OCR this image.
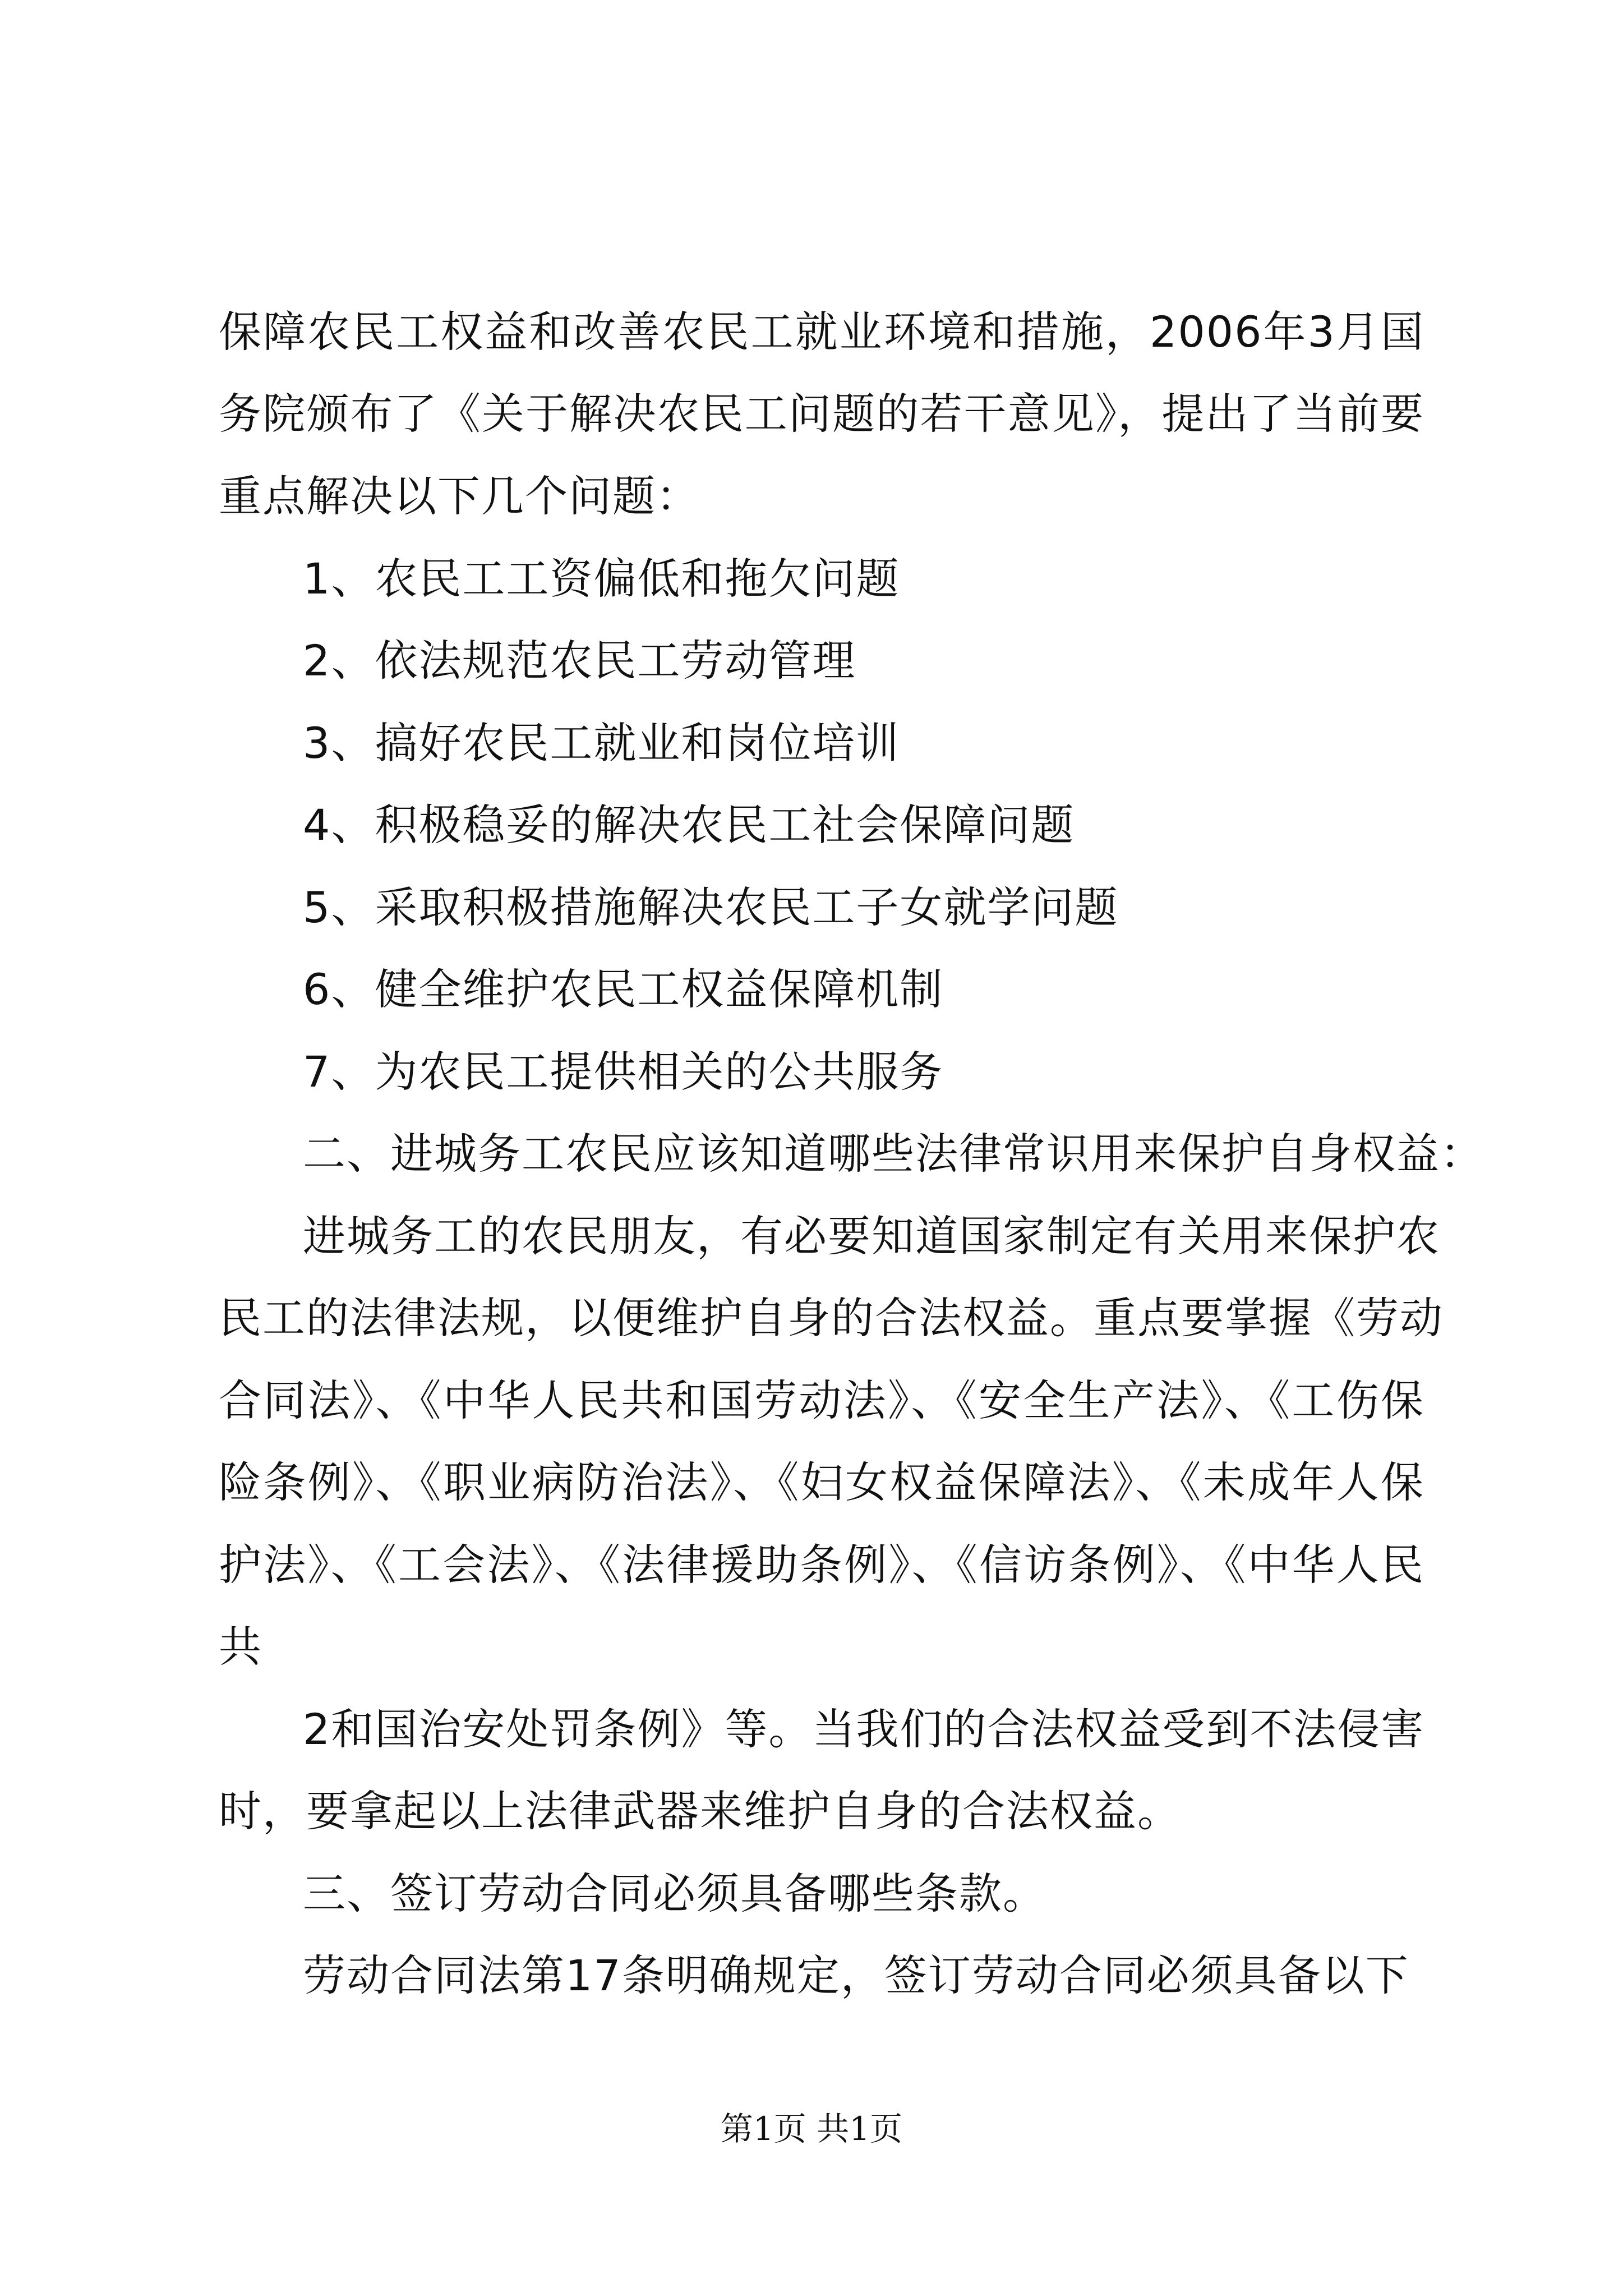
保障农民工权益和改善农民工就业环境和措施，2006年3月国
务院颁布了《关于解决农民工问题的若干意见》，提出了当前要
重点解决以下几个问题：
1、农民工工资偏低和拖欠问题
2、依法规范农民工劳动管理
3、搞好农民工就业和岗位培训
4、积极稳妥的解决农民工社会保障问题
5、采取积极措施解决农民工子女就学问题
6、健全维护农民工权益保障机制
7、为农民工提供相关的公共服务
二、进城务工农民应该知道哪些法律常识用来保护自身权益：
进城务工的农民朋友，有必要知道国家制定有关用来保护农
民工的法律法规，以便维护自身的合法权益。重点要掌握《劳动
合同法》、《中华人民共和国劳动法》、《安全生产法》、《工伤保
险条例》、《职业病防治法》、《妇女权益保障法》、《未成年人保
护法》、《工会法》、《法律援助条例》、《信访条例》、《中华人民
共
2和国治安处罚条例》等。当我们的合法权益受到不法侵害
时，要拿起以上法律武器来维护自身的合法权益。
三、签订劳动合同必须具备哪些条款。
劳动合同法第17条明确规定，签订劳动合同必须具备以下
第1页 共1页
